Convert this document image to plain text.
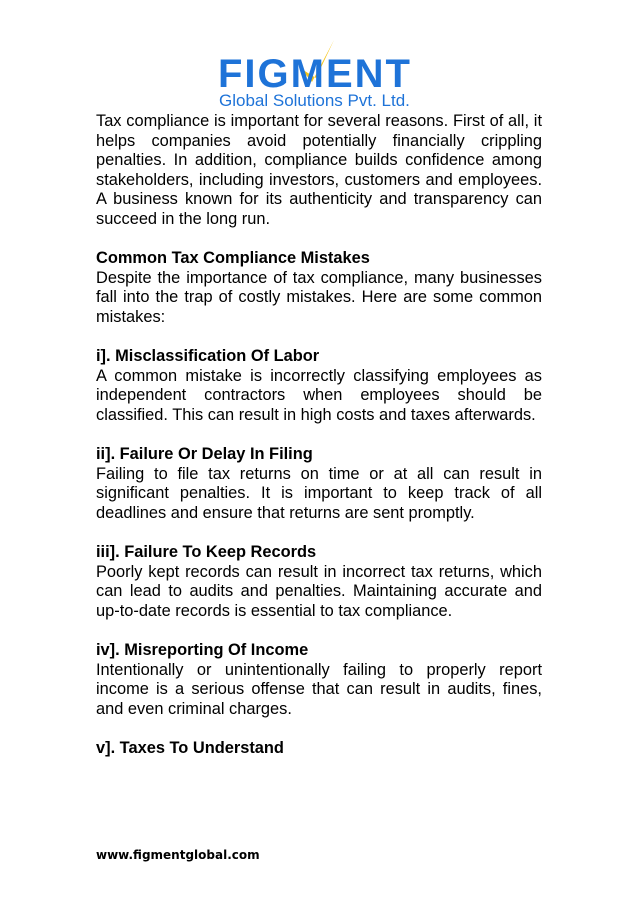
FIGMENT
Global Solutions Pvt. Ltd.

Tax compliance is important for several reasons. First of all, it helps companies avoid potentially financially crippling penalties. In addition, compliance builds confidence among stakeholders, including investors, customers and employees. A business known for its authenticity and transparency can succeed in the long run.

Common Tax Compliance Mistakes

Despite the importance of tax compliance, many businesses fall into the trap of costly mistakes. Here are some common mistakes:

i]. Misclassification Of Labor

A common mistake is incorrectly classifying employees as independent contractors when employees should be classified. This can result in high costs and taxes afterwards.

ii]. Failure Or Delay In Filing

Failing to file tax returns on time or at all can result in significant penalties. It is important to keep track of all deadlines and ensure that returns are sent promptly.

iii]. Failure To Keep Records

Poorly kept records can result in incorrect tax returns, which can lead to audits and penalties. Maintaining accurate and up-to-date records is essential to tax compliance.

iv]. Misreporting Of Income

Intentionally or unintentionally failing to properly report income is a serious offense that can result in audits, fines, and even criminal charges.

v]. Taxes To Understand
www.figmentglobal.com
